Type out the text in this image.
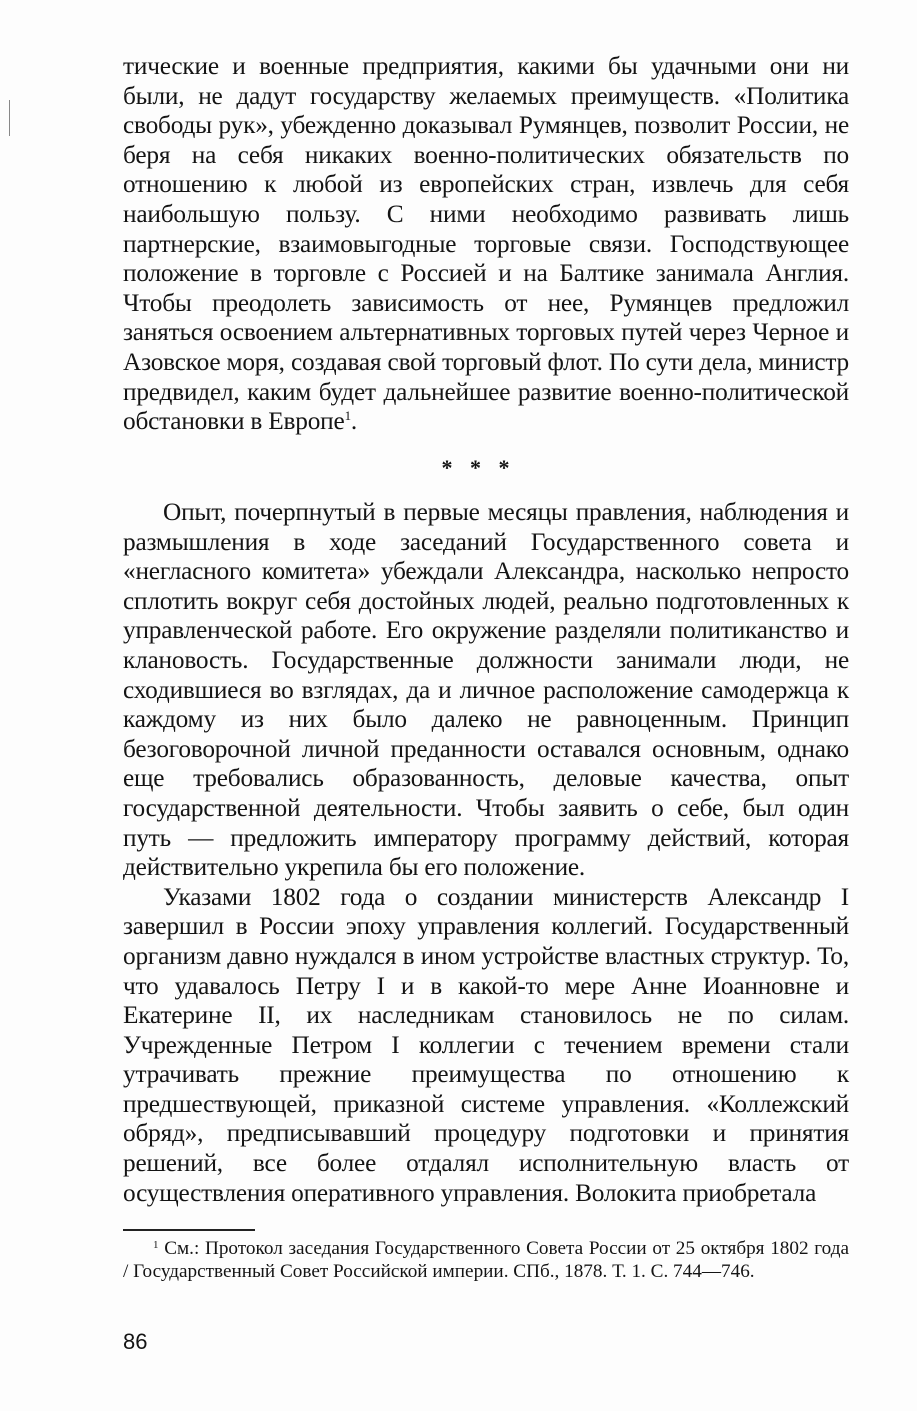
тические и военные предприятия, какими бы удачными они ни были, не дадут государству желаемых преимуществ. «Политика свободы рук», убежденно доказывал Румянцев, позволит России, не беря на себя никаких военно-политических обязательств по отношению к любой из европейских стран, извлечь для себя наибольшую пользу. С ними необходимо развивать лишь партнерские, взаимовыгодные торговые связи. Господствующее положение в торговле с Россией и на Балтике занимала Англия. Чтобы преодолеть зависимость от нее, Румянцев предложил заняться освоением альтернативных торговых путей через Черное и Азовское моря, создавая свой торговый флот. По сути дела, министр предвидел, каким будет дальнейшее развитие военно-политической обстановки в Европе$^1$.

* * *

Опыт, почерпнутый в первые месяцы правления, наблюдения и размышления в ходе заседаний Государственного совета и «негласного комитета» убеждали Александра, насколько непросто сплотить вокруг себя достойных людей, реально подготовленных к управленческой работе. Его окружение разделяли политиканство и клановость. Государственные должности занимали люди, не сходившиеся во взглядах, да и личное расположение самодержца к каждому из них было далеко не равноценным. Принцип безоговорочной личной преданности оставался основным, однако еще требовались образованность, деловые качества, опыт государственной деятельности. Чтобы заявить о себе, был один путь — предложить императору программу действий, которая действительно укрепила бы его положение.

Указами 1802 года о создании министерств Александр I завершил в России эпоху управления коллегий. Государственный организм давно нуждался в ином устройстве властных структур. То, что удавалось Петру I и в какой-то мере Анне Иоанновне и Екатерине II, их наследникам становилось не по силам. Учрежденные Петром I коллегии с течением времени стали утрачивать прежние преимущества по отношению к предшествующей, приказной системе управления. «Коллежский обряд», предписывавший процедуру подготовки и принятия решений, все более отдалял исполнительную власть от осуществления оперативного управления. Волокита приобретала

$^1$ См.: Протокол заседания Государственного Совета России от 25 октября 1802 года / Государственный Совет Российской империи. СПб., 1878. Т. 1. С. 744—746.
86
